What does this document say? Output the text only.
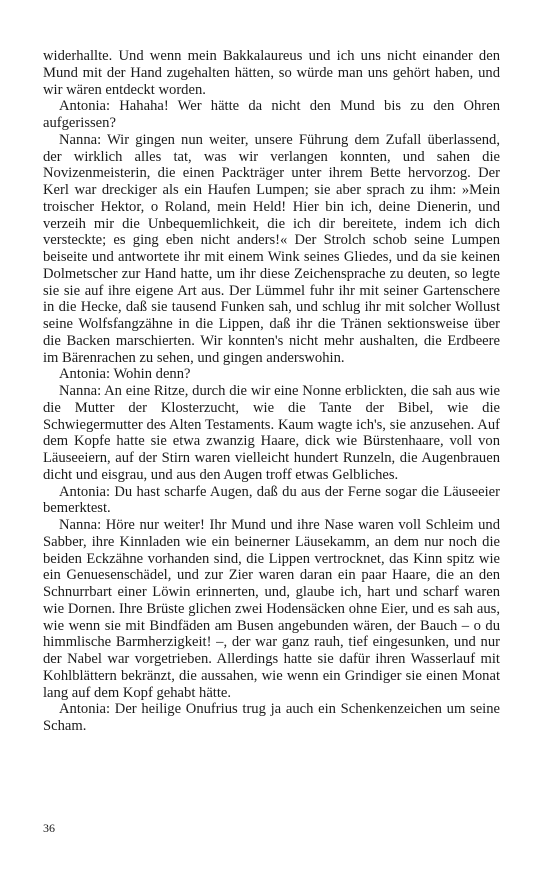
widerhallte. Und wenn mein Bakkalaureus und ich uns nicht einander den Mund mit der Hand zugehalten hätten, so würde man uns gehört haben, und wir wären entdeckt worden.

Antonia: Hahaha! Wer hätte da nicht den Mund bis zu den Ohren aufgerissen?

Nanna: Wir gingen nun weiter, unsere Führung dem Zufall überlassend, der wirklich alles tat, was wir verlangen konnten, und sahen die Novizenmeisterin, die einen Packträger unter ihrem Bette hervorzog. Der Kerl war dreckiger als ein Haufen Lumpen; sie aber sprach zu ihm: »Mein troischer Hektor, o Roland, mein Held! Hier bin ich, deine Dienerin, und verzeih mir die Unbequemlichkeit, die ich dir bereitete, indem ich dich versteckte; es ging eben nicht anders!« Der Strolch schob seine Lumpen beiseite und antwortete ihr mit einem Wink seines Gliedes, und da sie keinen Dolmetscher zur Hand hatte, um ihr diese Zeichensprache zu deuten, so legte sie sie auf ihre eigene Art aus. Der Lümmel fuhr ihr mit seiner Gartenschere in die Hecke, daß sie tausend Funken sah, und schlug ihr mit solcher Wollust seine Wolfsfangzähne in die Lippen, daß ihr die Tränen sektionsweise über die Backen marschierten. Wir konnten's nicht mehr aushalten, die Erdbeere im Bärenrachen zu sehen, und gingen anderswohin.

Antonia: Wohin denn?

Nanna: An eine Ritze, durch die wir eine Nonne erblickten, die sah aus wie die Mutter der Klosterzucht, wie die Tante der Bibel, wie die Schwiegermutter des Alten Testaments. Kaum wagte ich's, sie anzusehen. Auf dem Kopfe hatte sie etwa zwanzig Haare, dick wie Bürstenhaare, voll von Läuseeiern, auf der Stirn waren vielleicht hundert Runzeln, die Augenbrauen dicht und eisgrau, und aus den Augen troff etwas Gelbliches.

Antonia: Du hast scharfe Augen, daß du aus der Ferne sogar die Läuseeier bemerktest.

Nanna: Höre nur weiter! Ihr Mund und ihre Nase waren voll Schleim und Sabber, ihre Kinnladen wie ein beinerner Läusekamm, an dem nur noch die beiden Eckzähne vorhanden sind, die Lippen vertrocknet, das Kinn spitz wie ein Genuesenschädel, und zur Zier waren daran ein paar Haare, die an den Schnurrbart einer Löwin erinnerten, und, glaube ich, hart und scharf waren wie Dornen. Ihre Brüste glichen zwei Hodensäcken ohne Eier, und es sah aus, wie wenn sie mit Bindfäden am Busen angebunden wären, der Bauch – o du himmlische Barmherzigkeit! –, der war ganz rauh, tief eingesunken, und nur der Nabel war vorgetrieben. Allerdings hatte sie dafür ihren Wasserlauf mit Kohlblättern bekränzt, die aussahen, wie wenn ein Grindiger sie einen Monat lang auf dem Kopf gehabt hätte.

Antonia: Der heilige Onufrius trug ja auch ein Schenkenzeichen um seine Scham.

36
